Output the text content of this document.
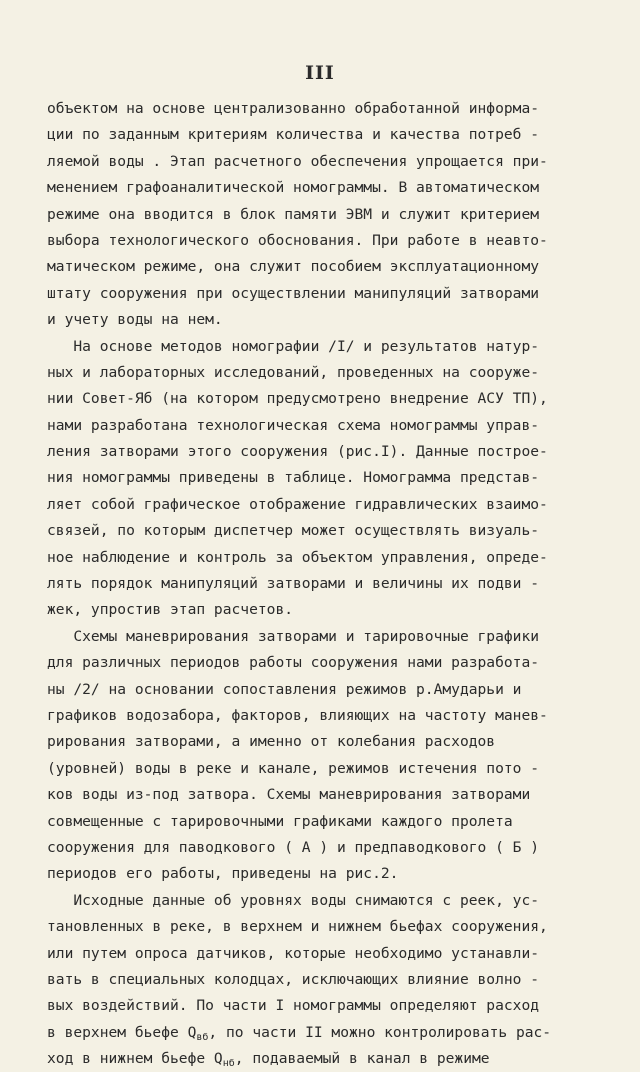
III
объектом на основе централизованно обработанной информа-
ции по заданным критериям количества и качества потреб -
ляемой воды . Этап расчетного обеспечения упрощается при-
менением графоаналитической номограммы. В автоматическом
режиме она вводится в блок памяти ЭВМ и служит критерием
выбора технологического обоснования. При работе в неавто-
матическом режиме, она служит пособием эксплуатационному
штату сооружения при осуществлении манипуляций затворами
и учету воды на нем.
На основе методов номографии /I/ и результатов натур-
ных и лабораторных исследований, проведенных на сооруже-
нии Совет-Яб (на котором предусмотрено внедрение АСУ ТП),
нами разработана технологическая схема номограммы управ-
ления затворами этого сооружения (рис.I). Данные построе-
ния номограммы приведены в таблице. Номограмма представ-
ляет собой графическое отображение гидравлических взаимо-
связей, по которым диспетчер может осуществлять визуаль-
ное наблюдение и контроль за объектом управления, опреде-
лять порядок манипуляций затворами и величины их подви -
жек, упростив этап расчетов.
Схемы маневрирования затворами и тарировочные графики
для различных периодов работы сооружения нами разработа-
ны /2/ на основании сопоставления режимов р.Амударьи и
графиков водозабора, факторов, влияющих на частоту манев-
рирования затворами, а именно от колебания расходов
(уровней) воды в реке и канале, режимов истечения пото -
ков воды из-под затвора. Схемы маневрирования затворами
совмещенные с тарировочными графиками каждого пролета
сооружения для паводкового ( А ) и предпаводкового ( Б )
периодов его работы, приведены на рис.2.
Исходные данные об уровнях воды снимаются с реек, ус-
тановленных в реке, в верхнем и нижнем бьефах сооружения,
или путем опроса датчиков, которые необходимо устанавли-
вать в специальных колодцах, исключающих влияние волно -
вых воздействий. По части I номограммы определяют расход
в верхнем бьефе $Q_{вб}$, по части II можно контролировать рас-
ход в нижнем бьефе $Q_{нб}$, подаваемый в канал в режиме
